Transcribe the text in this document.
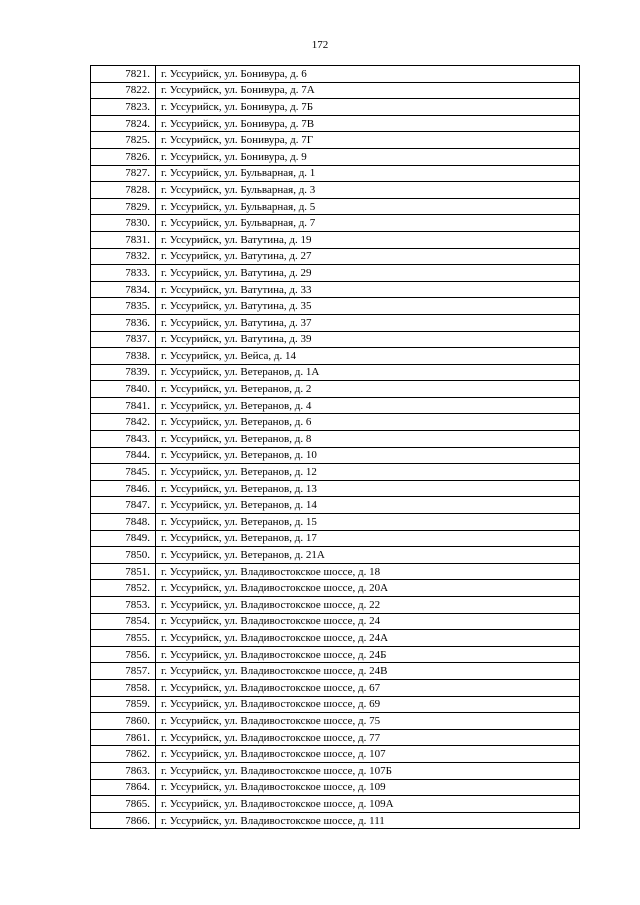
172
7821.	г. Уссурийск, ул. Бонивура, д. 6
7822.	г. Уссурийск, ул. Бонивура, д. 7А
7823.	г. Уссурийск, ул. Бонивура, д. 7Б
7824.	г. Уссурийск, ул. Бонивура, д. 7В
7825.	г. Уссурийск, ул. Бонивура, д. 7Г
7826.	г. Уссурийск, ул. Бонивура, д. 9
7827.	г. Уссурийск, ул. Бульварная, д. 1
7828.	г. Уссурийск, ул. Бульварная, д. 3
7829.	г. Уссурийск, ул. Бульварная, д. 5
7830.	г. Уссурийск, ул. Бульварная, д. 7
7831.	г. Уссурийск, ул. Ватутина, д. 19
7832.	г. Уссурийск, ул. Ватутина, д. 27
7833.	г. Уссурийск, ул. Ватутина, д. 29
7834.	г. Уссурийск, ул. Ватутина, д. 33
7835.	г. Уссурийск, ул. Ватутина, д. 35
7836.	г. Уссурийск, ул. Ватутина, д. 37
7837.	г. Уссурийск, ул. Ватутина, д. 39
7838.	г. Уссурийск, ул. Вейса, д. 14
7839.	г. Уссурийск, ул. Ветеранов, д. 1А
7840.	г. Уссурийск, ул. Ветеранов, д. 2
7841.	г. Уссурийск, ул. Ветеранов, д. 4
7842.	г. Уссурийск, ул. Ветеранов, д. 6
7843.	г. Уссурийск, ул. Ветеранов, д. 8
7844.	г. Уссурийск, ул. Ветеранов, д. 10
7845.	г. Уссурийск, ул. Ветеранов, д. 12
7846.	г. Уссурийск, ул. Ветеранов, д. 13
7847.	г. Уссурийск, ул. Ветеранов, д. 14
7848.	г. Уссурийск, ул. Ветеранов, д. 15
7849.	г. Уссурийск, ул. Ветеранов, д. 17
7850.	г. Уссурийск, ул. Ветеранов, д. 21А
7851.	г. Уссурийск, ул. Владивостокское шоссе, д. 18
7852.	г. Уссурийск, ул. Владивостокское шоссе, д. 20А
7853.	г. Уссурийск, ул. Владивостокское шоссе, д. 22
7854.	г. Уссурийск, ул. Владивостокское шоссе, д. 24
7855.	г. Уссурийск, ул. Владивостокское шоссе, д. 24А
7856.	г. Уссурийск, ул. Владивостокское шоссе, д. 24Б
7857.	г. Уссурийск, ул. Владивостокское шоссе, д. 24В
7858.	г. Уссурийск, ул. Владивостокское шоссе, д. 67
7859.	г. Уссурийск, ул. Владивостокское шоссе, д. 69
7860.	г. Уссурийск, ул. Владивостокское шоссе, д. 75
7861.	г. Уссурийск, ул. Владивостокское шоссе, д. 77
7862.	г. Уссурийск, ул. Владивостокское шоссе, д. 107
7863.	г. Уссурийск, ул. Владивостокское шоссе, д. 107Б
7864.	г. Уссурийск, ул. Владивостокское шоссе, д. 109
7865.	г. Уссурийск, ул. Владивостокское шоссе, д. 109А
7866.	г. Уссурийск, ул. Владивостокское шоссе, д. 111
